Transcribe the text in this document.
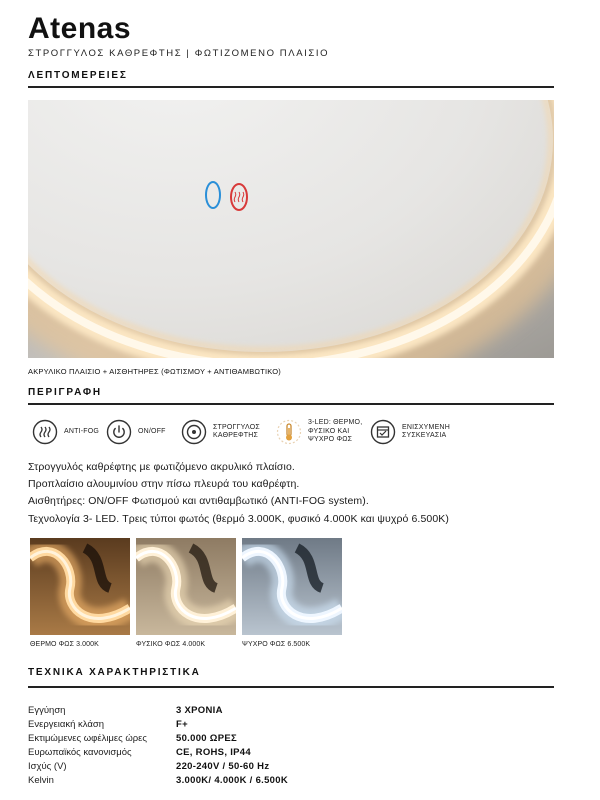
Atenas
ΣΤΡΟΓΓΥΛΟΣ ΚΑΘΡΕΦΤΗΣ | ΦΩΤΙΖΟΜΕΝΟ ΠΛΑΙΣΙΟ
ΛΕΠΤΟΜΕΡΕΙΕΣ
ΑΚΡΥΛΙΚΟ ΠΛΑΙΣΙΟ + ΑΙΣΘΗΤΗΡΕΣ (ΦΩΤΙΣΜΟΥ + ΑΝΤΙΘΑΜΒΩΤΙΚΟ)
ΠΕΡΙΓΡΑΦΗ
ANTI-FOG	ON/OFF
ΣΤΡΟΓΓΥΛΟΣ
ΚΑΘΡΕΦΤΗΣ
3-LED: ΘΕΡΜΟ,
ΦΥΣΙΚΟ ΚΑΙ
ΨΥΧΡΟ ΦΩΣ
ΕΝΙΣΧΥΜΕΝΗ
ΣΥΣΚΕΥΑΣΙΑ

Στρογγυλός καθρέφτης με φωτιζόμενο ακρυλικό πλαίσιο.

Προπλαίσιο αλουμινίου στην πίσω πλευρά του καθρέφτη.

Αισθητήρες: ON/OFF Φωτισμού και αντιθαμβωτικό (ANTI-FOG system).

Τεχνολογία 3- LED. Τρεις τύποι φωτός (θερμό 3.000Κ, φυσικό 4.000Κ και ψυχρό 6.500Κ)

ΘΕΡΜΟ ΦΩΣ 3.000Κ	ΦΥΣΙΚΟ ΦΩΣ 4.000Κ	ΨΥΧΡΟ ΦΩΣ 6.500Κ
ΤΕΧΝΙΚΑ ΧΑΡΑΚΤΗΡΙΣΤΙΚΑ
Εγγύηση	3 ΧΡΟΝΙΑ
Ενεργειακή κλάση	F+
Εκτιμώμενες ωφέλιμες ώρες	50.000 ΩΡΕΣ
Ευρωπαϊκός κανονισμός	CE, ROHS, IP44
Ισχύς (V)	220-240V / 50-60 Hz
Kelvin	3.000Κ/ 4.000Κ / 6.500Κ
